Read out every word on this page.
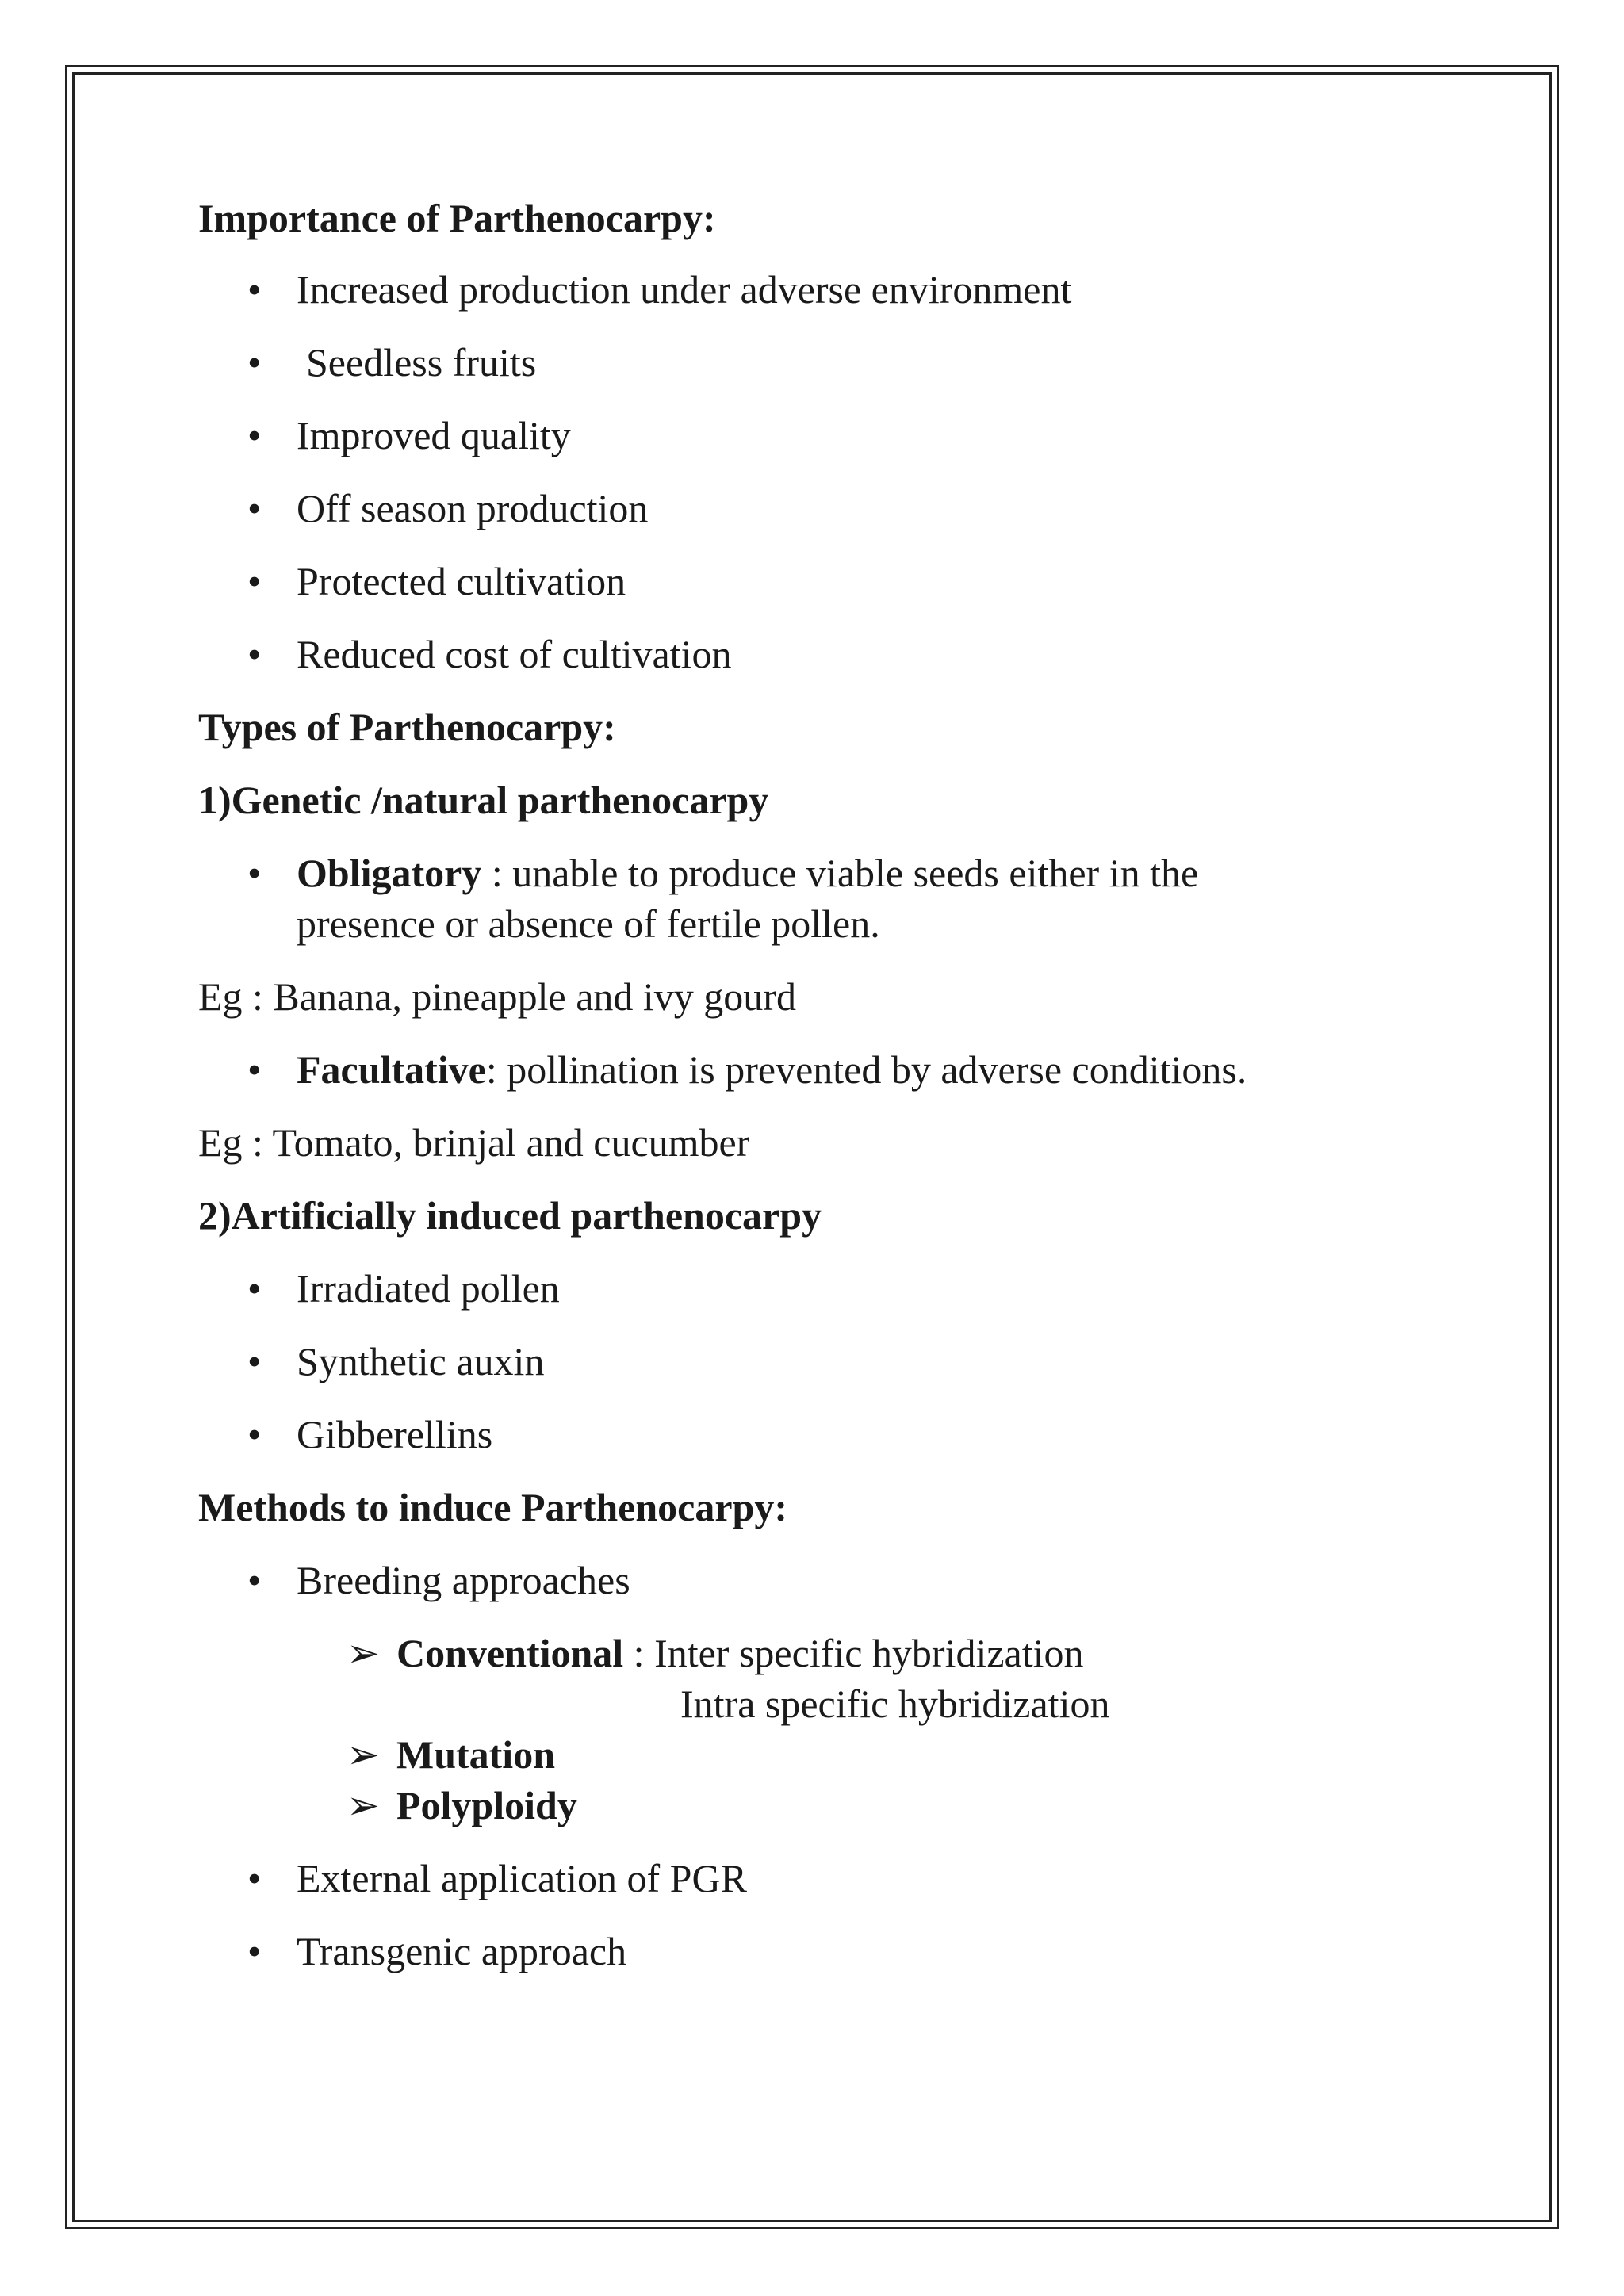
Importance of Parthenocarpy:

• Increased production under adverse environment
• Seedless fruits
• Improved quality
• Off season production
• Protected cultivation
• Reduced cost of cultivation

Types of Parthenocarpy:

1)Genetic /natural parthenocarpy

• Obligatory : unable to produce viable seeds either in the
presence or absence of fertile pollen.

Eg : Banana, pineapple and ivy gourd

• Facultative: pollination is prevented by adverse conditions.

Eg : Tomato, brinjal and cucumber

2)Artificially induced parthenocarpy

• Irradiated pollen
• Synthetic auxin
• Gibberellins

Methods to induce Parthenocarpy:

• Breeding approaches
➢ Conventional : Inter specific hybridization
Intra specific hybridization
➢ Mutation
➢ Polyploidy
• External application of PGR
• Transgenic approach
